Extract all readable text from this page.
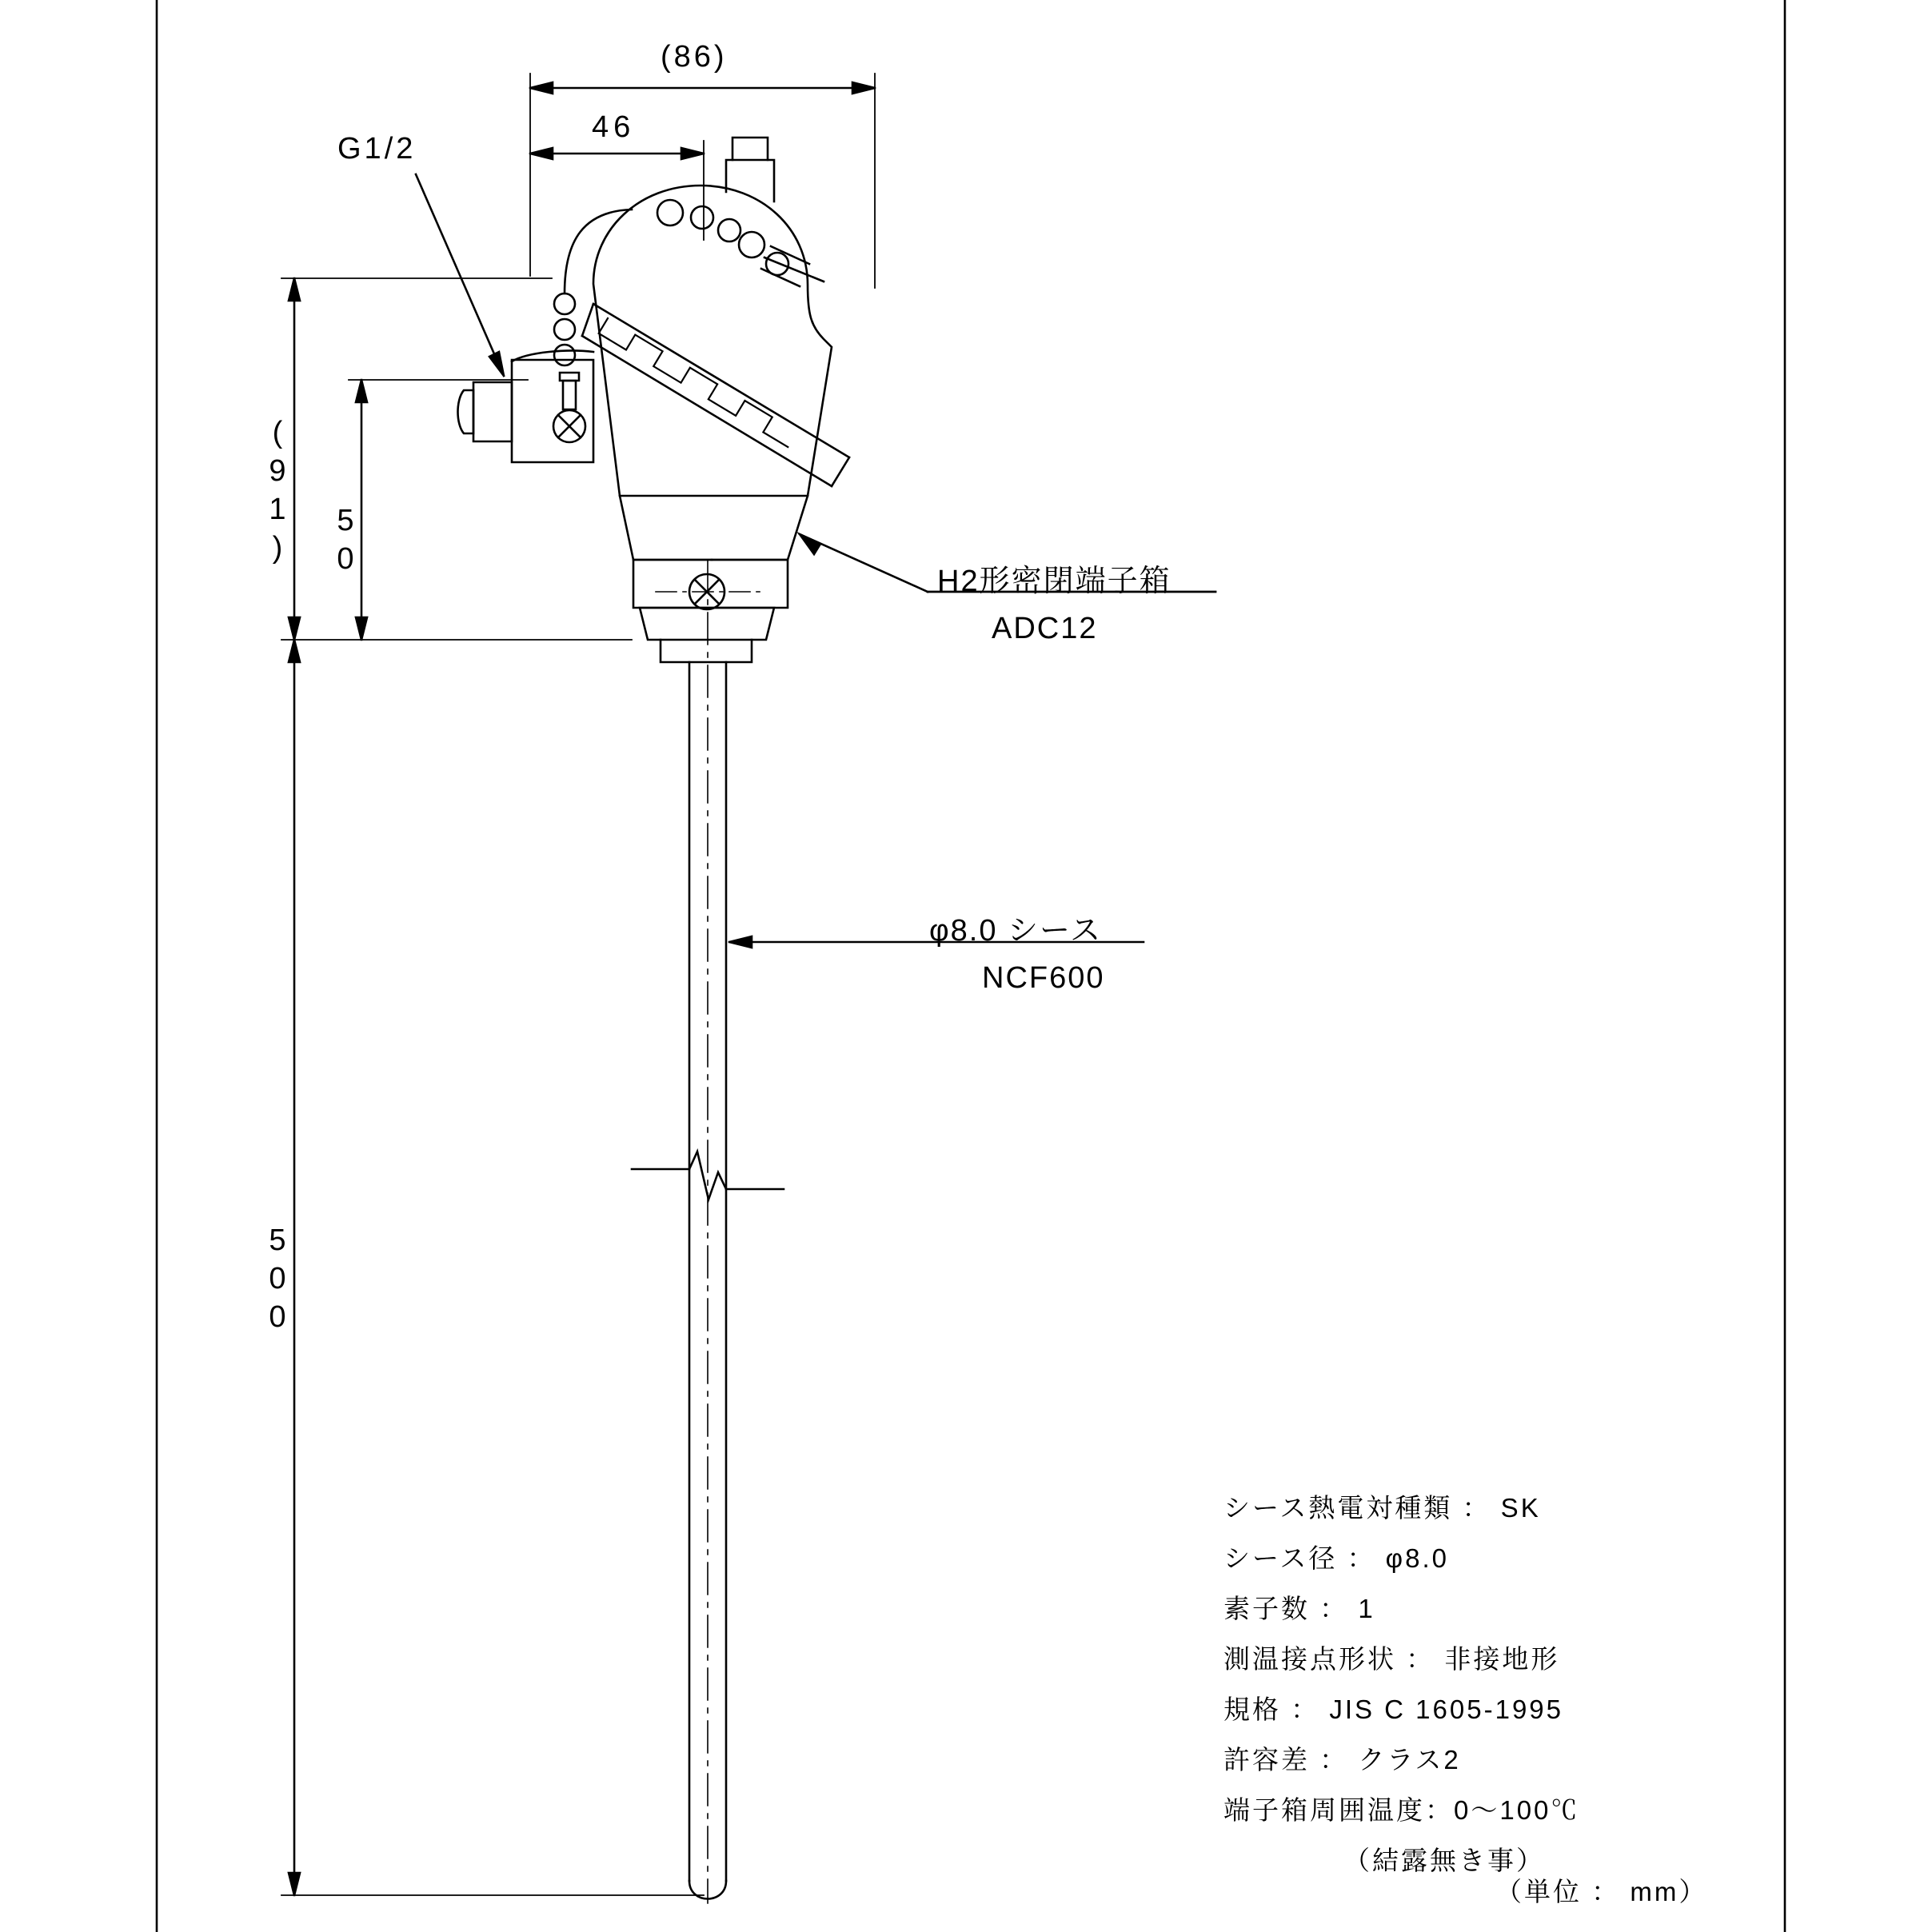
(86)
46
(91) 50
500
G1/2
H2形密閉端子箱
ADC12
φ8.0 シース
NCF600
シース熱電対種類 ： SK
シース径 ： φ8.0
素子数 ： 1
測温接点形状 ： 非接地形
規格 ： JIS C 1605-1995
許容差 ： クラス2
端子箱周囲温度：0～100℃
（結露無き事）
（単位 ： mm）
